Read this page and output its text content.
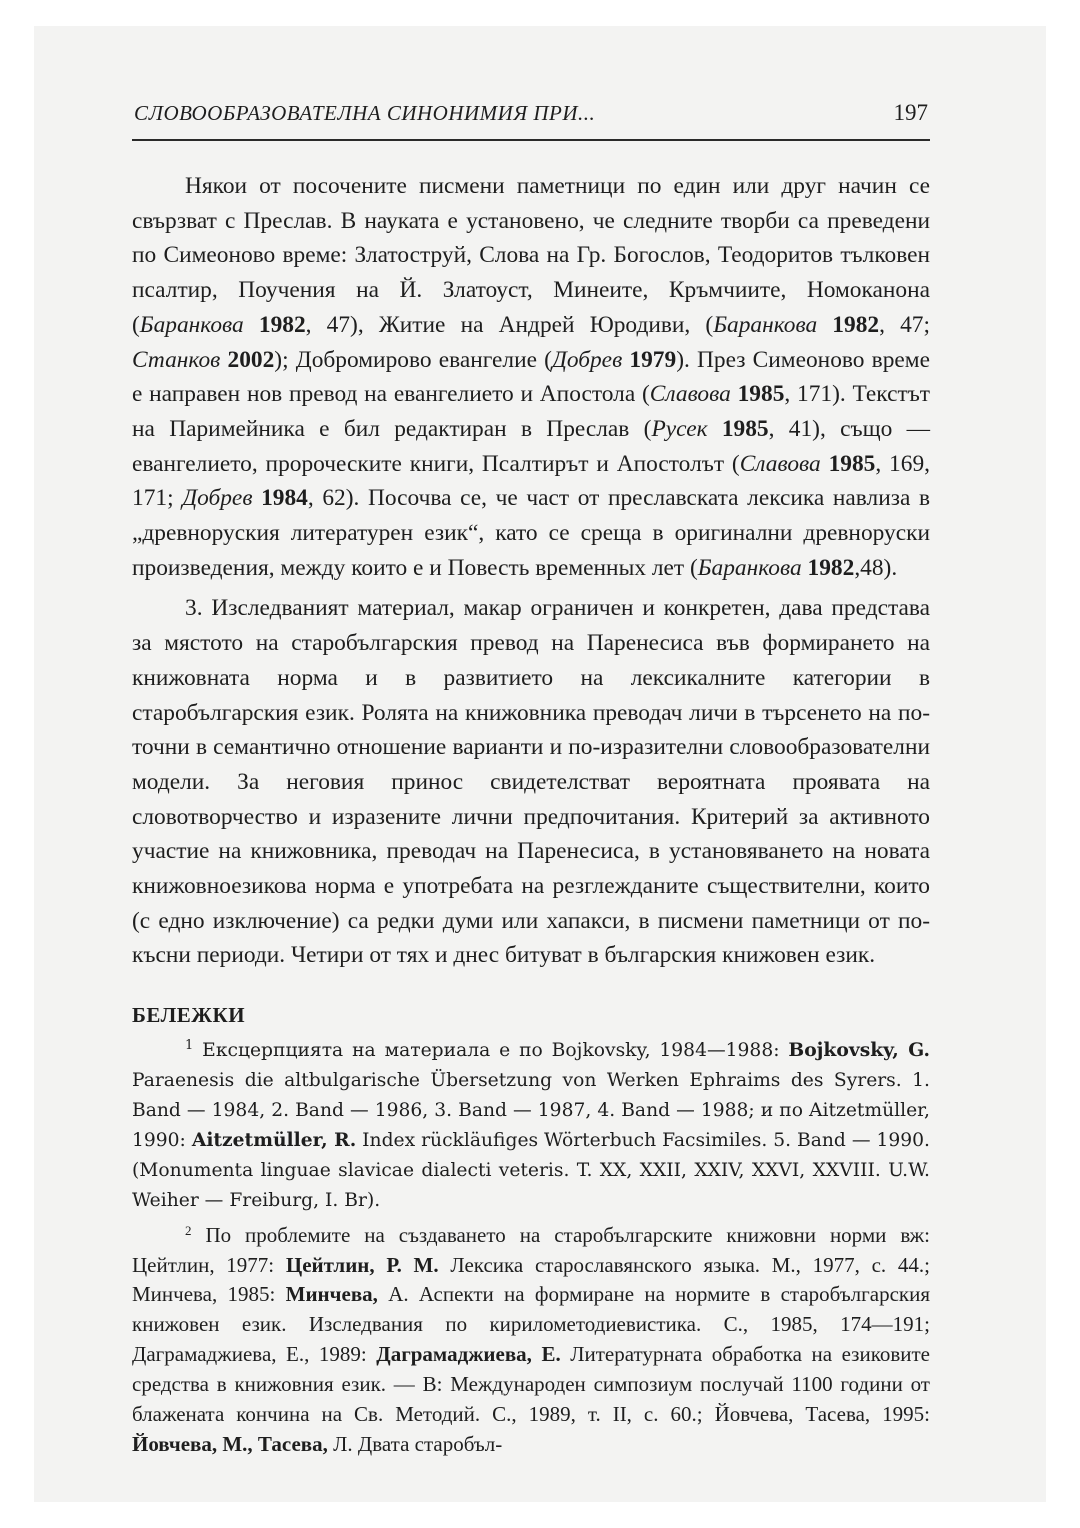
СЛОВООБРАЗОВАТЕЛНА СИНОНИМИЯ ПРИ...	197

Някои от посочените писмени паметници по един или друг начин се свързват с Преслав. В науката е установено, че следните творби са преведени по Симеоново време: Златоструй, Слова на Гр. Богослов, Теодоритов тълковен псалтир, Поучения на Й. Златоуст, Минеите, Кръмчиите, Номоканона (Баранкова 1982, 47), Житие на Андрей Юродиви, (Баранкова 1982, 47; Станков 2002); Добромирово евангелие (Добрев 1979). През Симеоново време е направен нов превод на евангелието и Апостола (Славова 1985, 171). Текстът на Паримейника е бил редактиран в Преслав (Русек 1985, 41), също — евангелието, пророческите книги, Псалтирът и Апостолът (Славова 1985, 169, 171; Добрев 1984, 62). Посочва се, че част от преславската лексика навлиза в „древноруския литературен език“, като се среща в оригинални древноруски произведения, между които е и Повесть временных лет (Баранкова 1982,48).

3. Изследваният материал, макар ограничен и конкретен, дава представа за мястото на старобългарския превод на Паренесиса във формирането на книжовната норма и в развитието на лексикалните категории в старобългарския език. Ролята на книжовника преводач личи в търсенето на по-точни в семантично отношение варианти и по-изразителни словообразователни модели. За неговия принос свидетелстват вероятната проявата на словотворчество и изразените лични предпочитания. Критерий за активното участие на книжовника, преводач на Паренесиса, в установяването на новата книжовноезикова норма е употребата на резглежданите съществителни, които (с едно изключение) са редки думи или хапакси, в писмени паметници от по-късни периоди. Четири от тях и днес битуват в българския книжовен език.

БЕЛЕЖКИ

$^1$ Ексцерпцията на материала е по Bojkovsky, 1984—1988: Bojkovsky, G. Paraenesis die altbulgarische Übersetzung von Werken Ephraims des Syrers. 1. Band — 1984, 2. Band — 1986, 3. Band — 1987, 4. Band — 1988; и по Aitzetmüller, 1990: Aitzetmüller, R. Index rückläufiges Wörterbuch Facsimiles. 5. Band — 1990. (Monumenta linguae slavicae dialecti veteris. T. XX, XXII, XXIV, XXVI, XXVIII. U.W. Weiher — Freiburg, I. Br).

$^2$ По проблемите на създаването на старобългарските книжовни норми вж: Цейтлин, 1977: Цейтлин, Р. М. Лексика старославянского языка. М., 1977, с. 44.; Минчева, 1985: Минчева, А. Аспекти на формиране на нормите в старобългарския книжовен език. Изследвания по кирилометодиевистика. С., 1985, 174—191; Даграмаджиева, Е., 1989: Даграмаджиева, Е. Литературната обработка на езиковите средства в книжовния език. — В: Международен симпозиум послучай 1100 години от блажената кончина на Св. Методий. С., 1989, т. II, с. 60.; Йовчева, Тасева, 1995: Йовчева, М., Тасева, Л. Двата старобъл-
